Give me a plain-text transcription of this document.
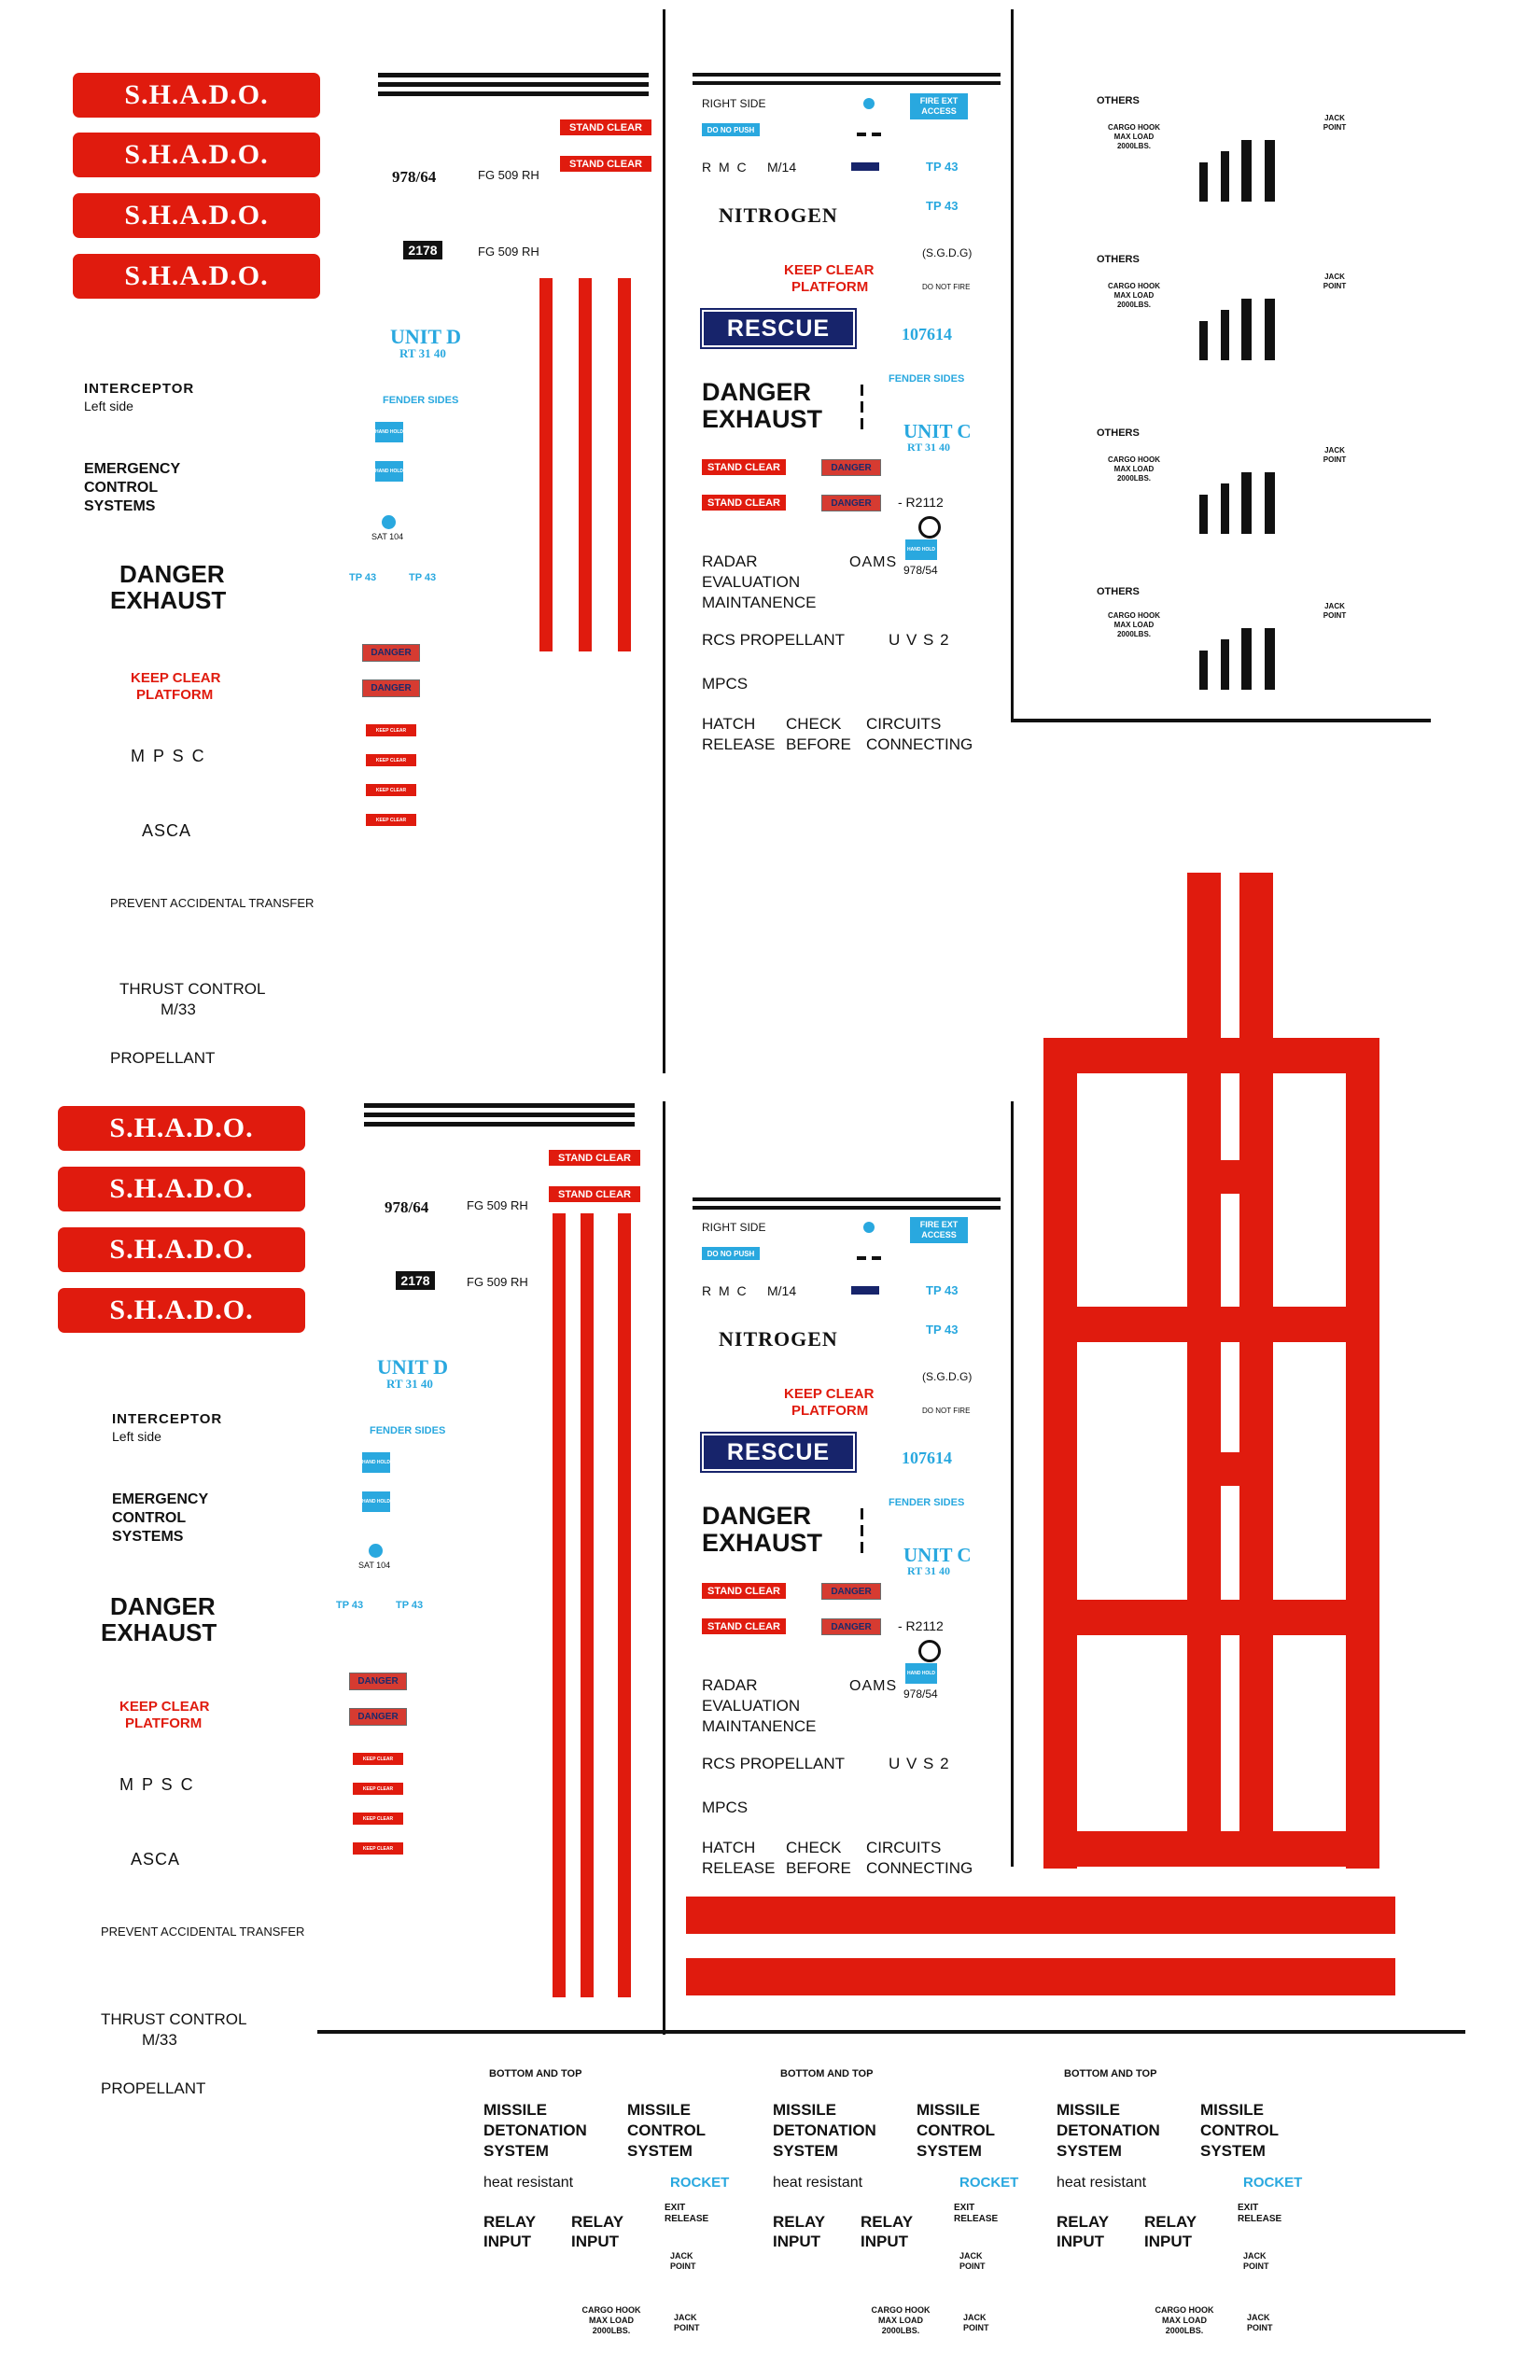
S.H.A.D.O.
S.H.A.D.O.
S.H.A.D.O.
S.H.A.D.O.
INTERCEPTOR
Left side
EMERGENCY
CONTROL
SYSTEMS
DANGER
EXHAUST
KEEP CLEAR
PLATFORM
M P S C
ASCA
PREVENT ACCIDENTAL TRANSFER
THRUST CONTROL
M/33
PROPELLANT
STAND CLEAR
STAND CLEAR
978/64	FG 509 RH
2178	FG 509 RH
UNIT D
RT 31 40
FENDER SIDES
HAND HOLD
HAND HOLD
SAT 104
TP 43	TP 43
DANGER
DANGER
KEEP CLEAR
KEEP CLEAR
KEEP CLEAR
KEEP CLEAR
RIGHT SIDE	FIRE EXT
ACCESS
DO NO PUSH
R M C M/14	TP 43
TP 43
NITROGEN
(S.G.D.G)
KEEP CLEAR
PLATFORM	DO NOT FIRE
RESCUE	107614
FENDER SIDES
DANGER
EXHAUST	UNIT C
RT 31 40
STAND CLEAR	DANGER
STAND CLEAR	DANGER	- R2112
HAND HOLD
978/54
OAMS
RADAR
EVALUATION
MAINTANENCE
RCS PROPELLANT	U V S 2
MPCS
HATCH
RELEASE
CHECK
BEFORE
CIRCUITS
CONNECTING
OTHERS
CARGO HOOK
MAX LOAD
2000LBS.
JACK
POINT
OTHERS
CARGO HOOK
MAX LOAD
2000LBS.
JACK
POINT
OTHERS
CARGO HOOK
MAX LOAD
2000LBS.
JACK
POINT
OTHERS
CARGO HOOK
MAX LOAD
2000LBS.
JACK
POINT
S.H.A.D.O.
S.H.A.D.O.
S.H.A.D.O.
S.H.A.D.O.
INTERCEPTOR
Left side
EMERGENCY
CONTROL
SYSTEMS
DANGER
EXHAUST
KEEP CLEAR
PLATFORM
M P S C
ASCA
PREVENT ACCIDENTAL TRANSFER
THRUST CONTROL
M/33
PROPELLANT
STAND CLEAR
STAND CLEAR
978/64	FG 509 RH
2178	FG 509 RH
UNIT D
RT 31 40
FENDER SIDES
HAND HOLD
HAND HOLD
SAT 104
TP 43	TP 43
DANGER
DANGER
KEEP CLEAR
KEEP CLEAR
KEEP CLEAR
KEEP CLEAR
RIGHT SIDE	FIRE EXT
ACCESS
DO NO PUSH
R M C M/14	TP 43
TP 43
NITROGEN
(S.G.D.G)
KEEP CLEAR
PLATFORM	DO NOT FIRE
RESCUE	107614
FENDER SIDES
DANGER
EXHAUST	UNIT C
RT 31 40
STAND CLEAR	DANGER
STAND CLEAR	DANGER	- R2112
HAND HOLD
978/54
OAMS
RADAR
EVALUATION
MAINTANENCE
RCS PROPELLANT	U V S 2
MPCS
HATCH
RELEASE
CHECK
BEFORE
CIRCUITS
CONNECTING
BOTTOM AND TOP
MISSILE
DETONATION
SYSTEM
MISSILE
CONTROL
SYSTEM
heat resistant	ROCKET
RELAY
INPUT
RELAY
INPUT
EXIT
RELEASE
JACK
POINT
CARGO HOOK
MAX LOAD
2000LBS.
JACK
POINT
BOTTOM AND TOP
MISSILE
DETONATION
SYSTEM
MISSILE
CONTROL
SYSTEM
heat resistant	ROCKET
RELAY
INPUT
RELAY
INPUT
EXIT
RELEASE
JACK
POINT
CARGO HOOK
MAX LOAD
2000LBS.
JACK
POINT
BOTTOM AND TOP
MISSILE
DETONATION
SYSTEM
MISSILE
CONTROL
SYSTEM
heat resistant	ROCKET
RELAY
INPUT
RELAY
INPUT
EXIT
RELEASE
JACK
POINT
CARGO HOOK
MAX LOAD
2000LBS.
JACK
POINT
